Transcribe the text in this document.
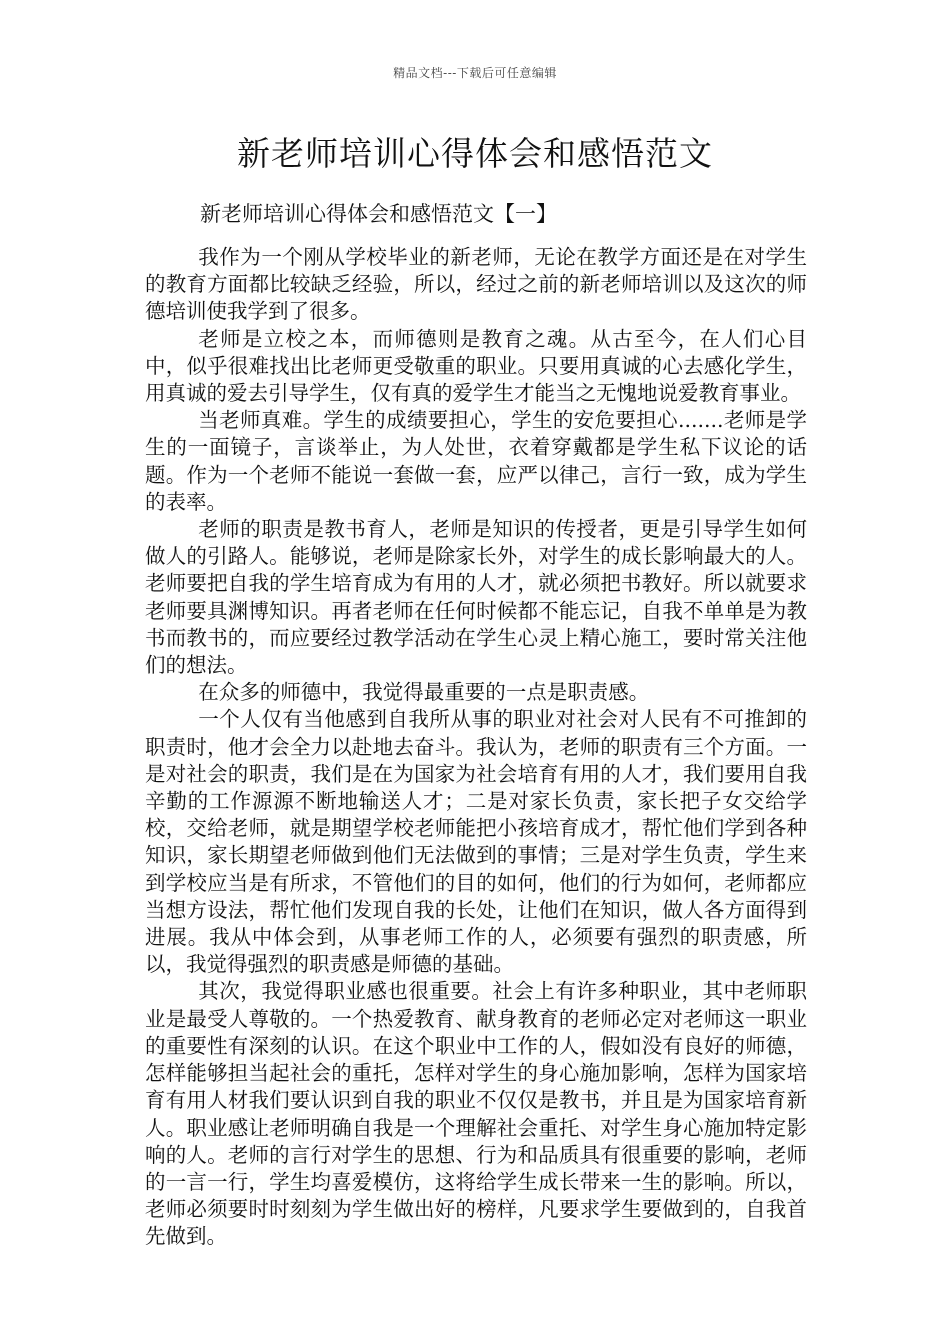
精品文档---下载后可任意编辑
新老师培训心得体会和感悟范文
新老师培训心得体会和感悟范文【一】

我作为一个刚从学校毕业的新老师，无论在教学方面还是在对学生的教育方面都比较缺乏经验，所以，经过之前的新老师培训以及这次的师德培训使我学到了很多。

老师是立校之本，而师德则是教育之魂。从古至今，在人们心目中，似乎很难找出比老师更受敬重的职业。只要用真诚的心去感化学生，用真诚的爱去引导学生，仅有真的爱学生才能当之无愧地说爱教育事业。

当老师真难。学生的成绩要担心，学生的安危要担心.......老师是学生的一面镜子，言谈举止，为人处世，衣着穿戴都是学生私下议论的话题。作为一个老师不能说一套做一套，应严以律己，言行一致，成为学生的表率。

老师的职责是教书育人，老师是知识的传授者，更是引导学生如何做人的引路人。能够说，老师是除家长外，对学生的成长影响最大的人。老师要把自我的学生培育成为有用的人才，就必须把书教好。所以就要求老师要具渊博知识。再者老师在任何时候都不能忘记，自我不单单是为教书而教书的，而应要经过教学活动在学生心灵上精心施工，要时常关注他们的想法。

在众多的师德中，我觉得最重要的一点是职责感。

一个人仅有当他感到自我所从事的职业对社会对人民有不可推卸的职责时，他才会全力以赴地去奋斗。我认为，老师的职责有三个方面。一是对社会的职责，我们是在为国家为社会培育有用的人才，我们要用自我辛勤的工作源源不断地输送人才；二是对家长负责，家长把子女交给学校，交给老师，就是期望学校老师能把小孩培育成才，帮忙他们学到各种知识，家长期望老师做到他们无法做到的事情；三是对学生负责，学生来到学校应当是有所求，不管他们的目的如何，他们的行为如何，老师都应当想方设法，帮忙他们发现自我的长处，让他们在知识，做人各方面得到进展。我从中体会到，从事老师工作的人，必须要有强烈的职责感，所以，我觉得强烈的职责感是师德的基础。

其次，我觉得职业感也很重要。社会上有许多种职业，其中老师职业是最受人尊敬的。一个热爱教育、献身教育的老师必定对老师这一职业的重要性有深刻的认识。在这个职业中工作的人，假如没有良好的师德，怎样能够担当起社会的重托，怎样对学生的身心施加影响，怎样为国家培育有用人材我们要认识到自我的职业不仅仅是教书，并且是为国家培育新人。职业感让老师明确自我是一个理解社会重托、对学生身心施加特定影响的人。老师的言行对学生的思想、行为和品质具有很重要的影响，老师的一言一行，学生均喜爱模仿，这将给学生成长带来一生的影响。所以，老师必须要时时刻刻为学生做出好的榜样，凡要求学生要做到的，自我首先做到。
